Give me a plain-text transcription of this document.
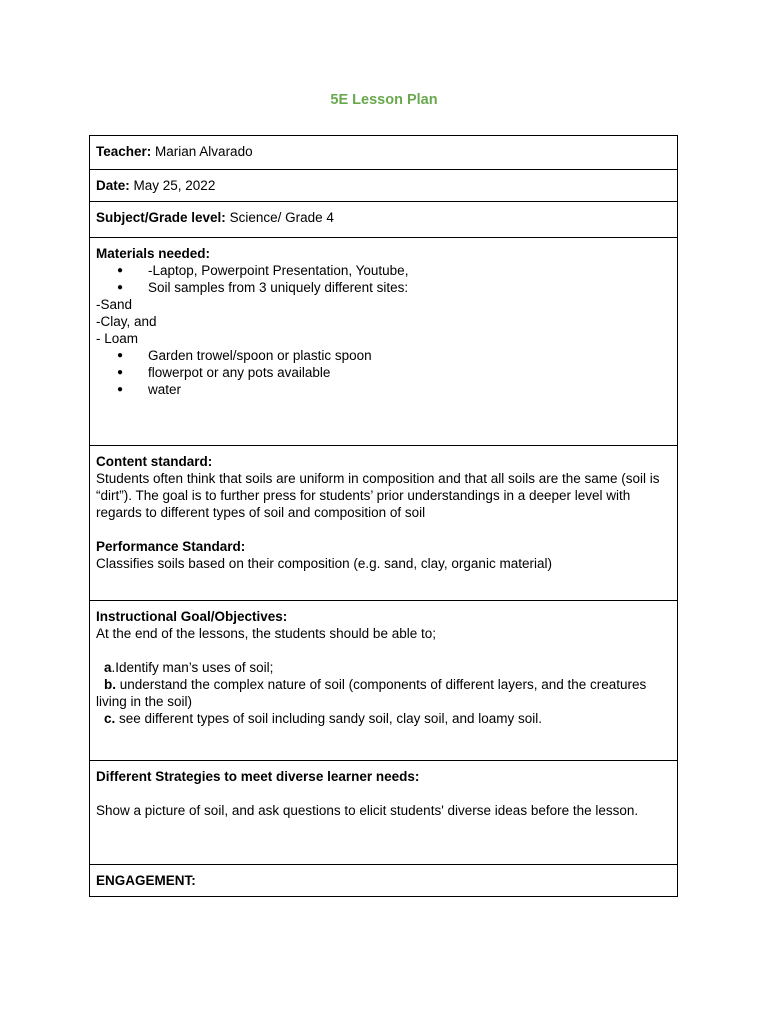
5E Lesson Plan
Teacher: Marian Alvarado
Date: May 25, 2022
Subject/Grade level: Science/ Grade 4

Materials needed:
● -Laptop, Powerpoint Presentation, Youtube,
● Soil samples from 3 uniquely different sites:
-Sand
-Clay, and
- Loam
● Garden trowel/spoon or plastic spoon
● flowerpot or any pots available
● water

Content standard:
Students often think that soils are uniform in composition and that all soils are the same (soil is “dirt”). The goal is to further press for students’ prior understandings in a deeper level with regards to different types of soil and composition of soil
Performance Standard:
Classifies soils based on their composition (e.g. sand, clay, organic material)

Instructional Goal/Objectives:
At the end of the lessons, the students should be able to;
a.Identify man’s uses of soil;
b. understand the complex nature of soil (components of different layers, and the creatures living in the soil)
c. see different types of soil including sandy soil, clay soil, and loamy soil.

Different Strategies to meet diverse learner needs:
Show a picture of soil, and ask questions to elicit students' diverse ideas before the lesson.

ENGAGEMENT:
